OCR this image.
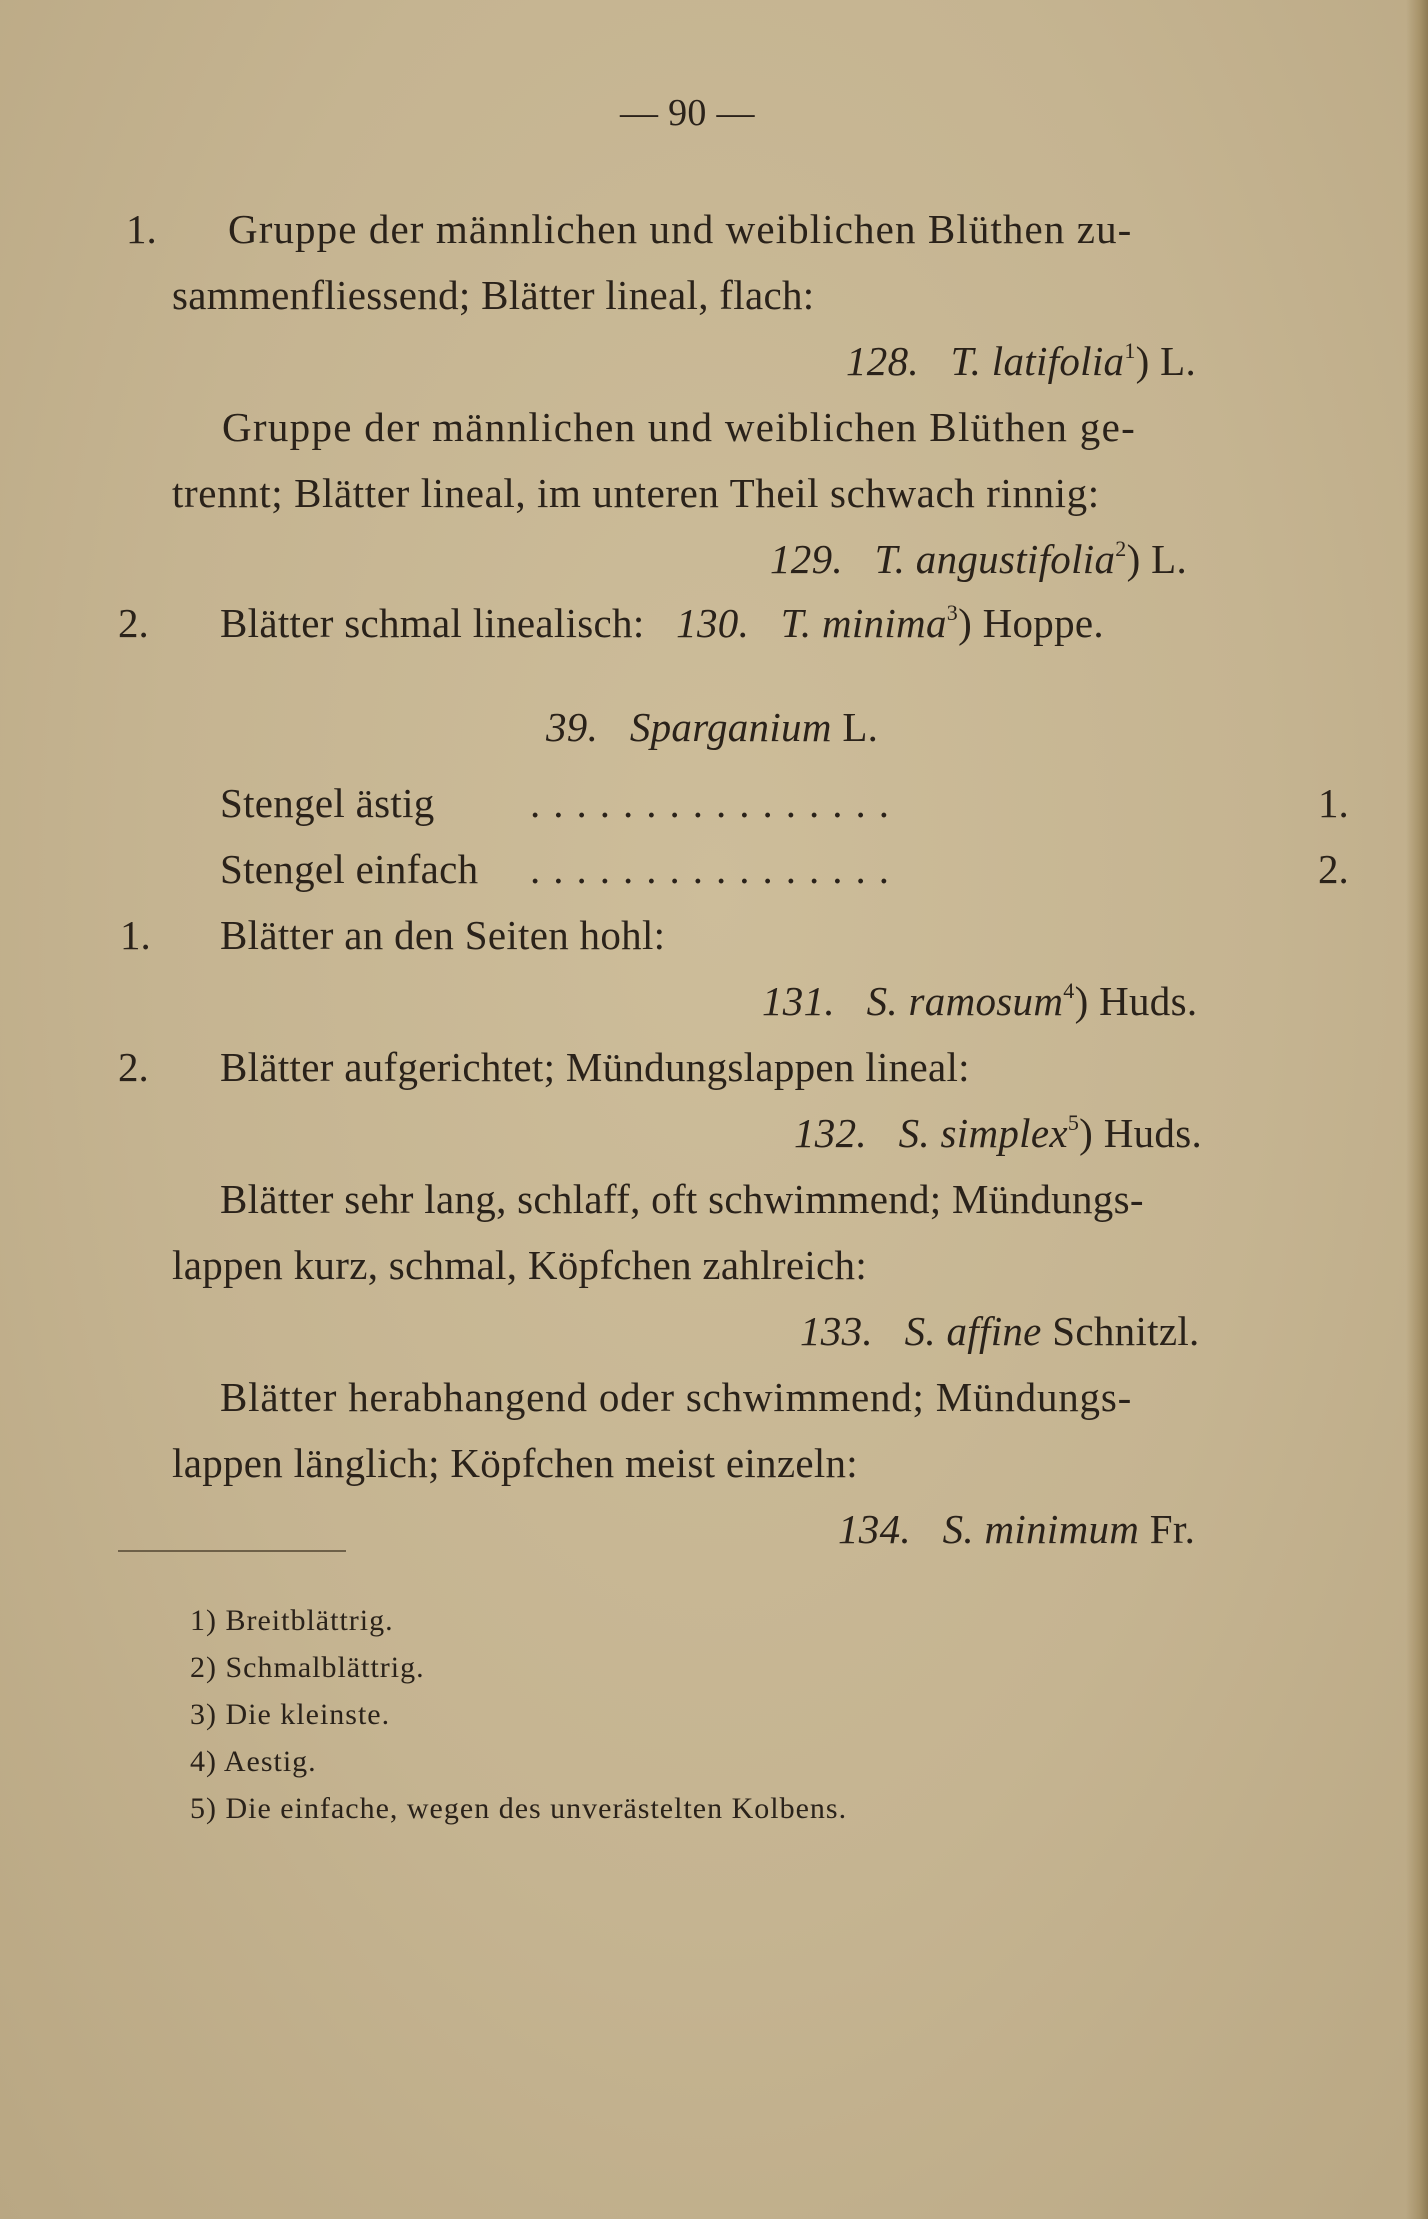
— 90 —
1. Gruppe der männlichen und weiblichen Blüthen zu-
sammenfliessend; Blätter lineal, flach:
128. T. latifolia$^1$) L.
Gruppe der männlichen und weiblichen Blüthen ge-
trennt; Blätter lineal, im unteren Theil schwach rinnig:
129. T. angustifolia$^2$) L.
2. Blätter schmal linealisch: 130. T. minima$^3$) Hoppe.
39. Sparganium L.
Stengel ästig ................	1.
Stengel einfach ................	2.
1. Blätter an den Seiten hohl:
131. S. ramosum$^4$) Huds.
2. Blätter aufgerichtet; Mündungslappen lineal:
132. S. simplex$^5$) Huds.
Blätter sehr lang, schlaff, oft schwimmend; Mündungs-
lappen kurz, schmal, Köpfchen zahlreich:
133. S. affine Schnitzl.
Blätter herabhangend oder schwimmend; Mündungs-
lappen länglich; Köpfchen meist einzeln:
134. S. minimum Fr.
1) Breitblättrig.
2) Schmalblättrig.
3) Die kleinste.
4) Aestig.
5) Die einfache, wegen des unverästelten Kolbens.
